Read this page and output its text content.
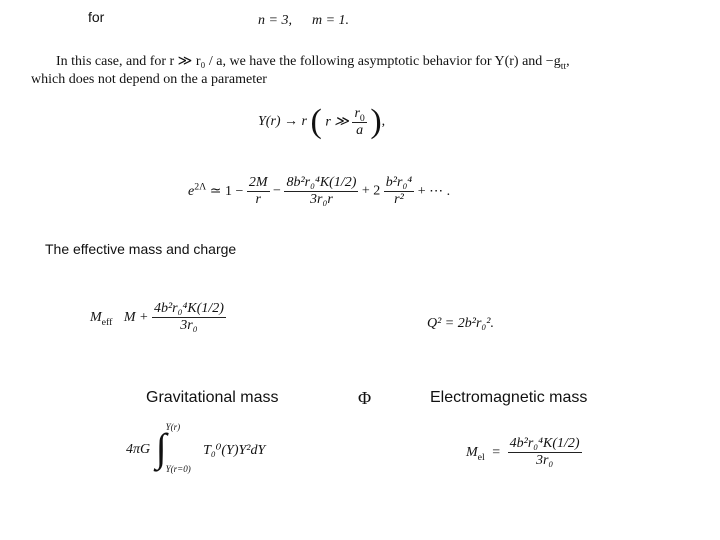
for	n = 3, m = 1.
In this case, and for r ≫ r₀ / a, we have the following asymptotic behavior for Y(r) and $-g_{tt}$,
which does not depend on the a parameter
Y(r) → r ( r ≫ $\frac{r_0}{a}$ ),
$e^{2\Lambda}$ ≃ $1 - \frac{2M}{r} - \frac{\text{8b²r₀⁴K(1/2)}}{\text{3r₀r}} + 2 \frac{\text{b²r₀⁴}}{\text{r²}}$ + ⋯ .
The effective mass and charge
$M_{eff}$ $M + \frac{\text{4b²r₀⁴K(1/2)}}{\text{3r₀}}$	Q² = 2b²r₀².
Gravitational mass	Φ	Electromagnetic mass
4πG ∫ Y(r)
Y(r=0)
T₀⁰(Y)Y²dY	$M_{el} = \frac{\text{4b²r₀⁴K(1/2)}}{\text{3r₀}}$
